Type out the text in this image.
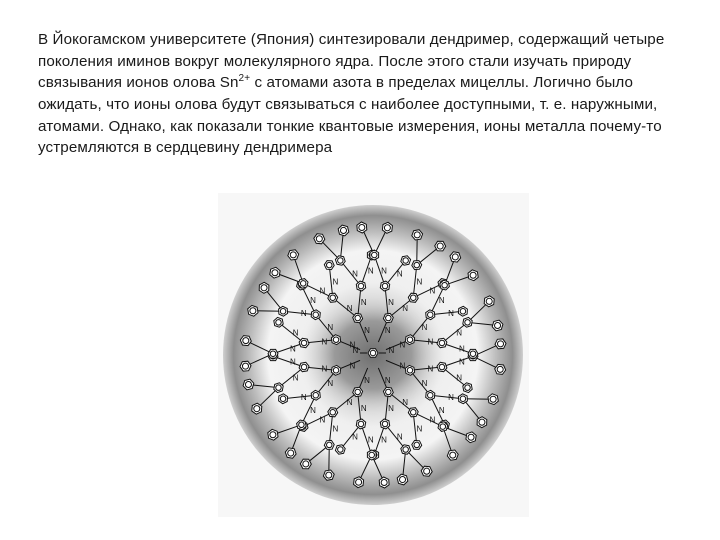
В Йокогамском университете (Япония) синтезировали дендример, содержащий четыре поколения иминов вокруг молекулярного ядра. После этого стали изучать природу связывания ионов олова $Sn^{2+}$ с атомами азота в пределах мицеллы. Логично было ожидать, что ионы олова будут связываться с наиболее доступными, т. е. наружными, атомами. Однако, как показали тонкие квантовые измерения, ионы металла почему-то устремляются в сердцевину дендримера

N	N
N	N
N
N
N
N
N
N
N
N
N
N
N
N
N
N
N
N
N
N
N
N
N
N
N
N
N
N
N
N
N
N
N
N
N
N
N
N
N
N
N N
N
N
N
N N
N
N
N
N
N
N
N
N
N
